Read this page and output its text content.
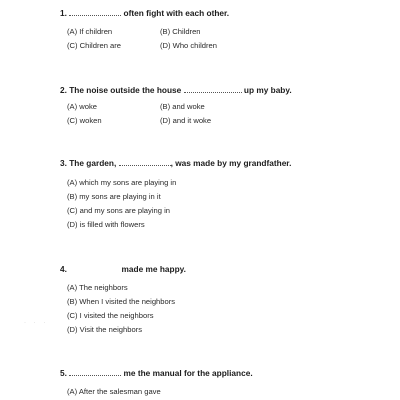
1.	often fight with each other.
(A) If children	(B) Children
(C) Children are	(D) Who children
2. The noise outside the house	up my baby.
(A) woke	(B) and woke
(C) woken	(D) and it woke
3. The garden,	, was made by my grandfather.
(A) which my sons are playing in
(B) my sons are playing in it
(C) and my sons are playing in
(D) is filled with flowers
4.	made me happy.
(A) The neighbors
(B) When I visited the neighbors
(C) I visited the neighbors
(D) Visit the neighbors
5.	me the manual for the appliance.
(A) After the salesman gave
· · ·
